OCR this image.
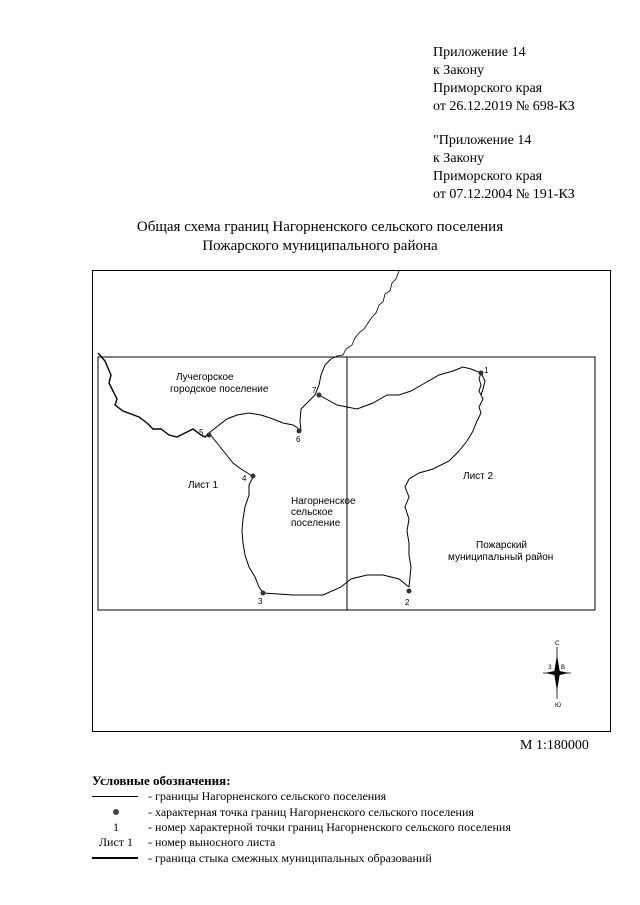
Приложение 14
к Закону
Приморского края
от 26.12.2019 № 698-КЗ
"Приложение 14
к Закону
Приморского края
от 07.12.2004 № 191-КЗ
Общая схема границ Нагорненского сельского поселения
Пожарского муниципального района
1
2
3
4
5
6
7
Лучегорское
городское поселение
Нагорненское
сельское
поселение
Пожарский
муниципальный район
Лист 1
Лист 2
С
Ю
В
З
М 1:180000
Условные обозначения:
- границы Нагорненского сельского поселения
- характерная точка границ Нагорненского сельского поселения
1	- номер характерной точки границ Нагорненского сельского поселения
Лист 1	- номер выносного листа
- граница стыка смежных муниципальных образований
